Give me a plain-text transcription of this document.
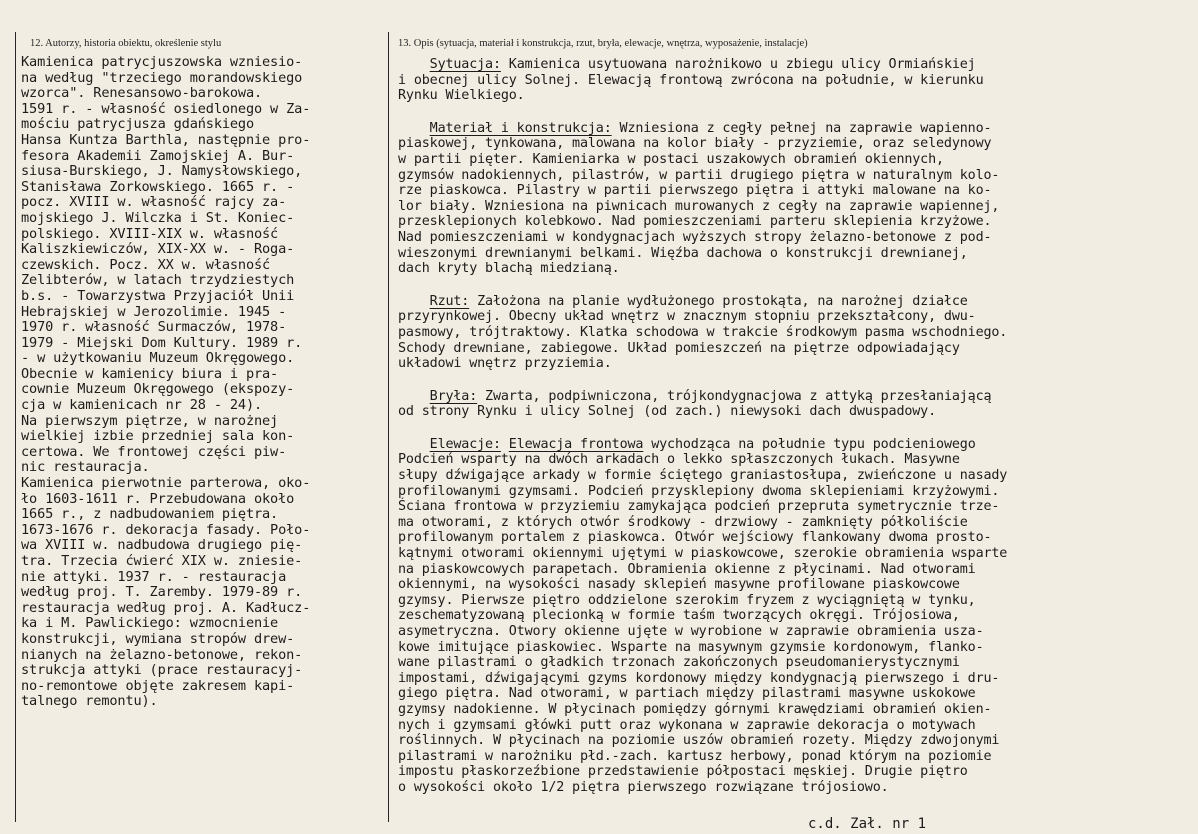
12. Autorzy, historia obiektu, określenie stylu	13. Opis (sytuacja, materiał i konstrukcja, rzut, bryła, elewacje, wnętrza, wyposażenie, instalacje)
Kamienica patrycjuszowska wzniesio-
na według "trzeciego morandowskiego
wzorca". Renesansowo-barokowa.
1591 r. - własność osiedlonego w Za-
mościu patrycjusza gdańskiego
Hansa Kuntza Barthla, następnie pro-
fesora Akademii Zamojskiej A. Bur-
siusa-Burskiego, J. Namysłowskiego,
Stanisława Zorkowskiego. 1665 r. -
pocz. XVIII w. własność rajcy za-
mojskiego J. Wilczka i St. Koniec-
polskiego. XVIII-XIX w. własność
Kaliszkiewiczów, XIX-XX w. - Roga-
czewskich. Pocz. XX w. własność
Zelibterów, w latach trzydziestych
b.s. - Towarzystwa Przyjaciół Unii
Hebrajskiej w Jerozolimie. 1945 -
1970 r. własność Surmaczów, 1978-
1979 - Miejski Dom Kultury. 1989 r.
- w użytkowaniu Muzeum Okręgowego.
Obecnie w kamienicy biura i pra-
cownie Muzeum Okręgowego (ekspozy-
cja w kamienicach nr 28 - 24).
Na pierwszym piętrze, w narożnej
wielkiej izbie przedniej sala kon-
certowa. We frontowej części piw-
nic restauracja.
Kamienica pierwotnie parterowa, oko-
ło 1603-1611 r. Przebudowana około
1665 r., z nadbudowaniem piętra.
1673-1676 r. dekoracja fasady. Poło-
wa XVIII w. nadbudowa drugiego pię-
tra. Trzecia ćwierć XIX w. zniesie-
nie attyki. 1937 r. - restauracja
według proj. T. Zaremby. 1979-89 r.
restauracja według proj. A. Kadłucz-
ka i M. Pawlickiego: wzmocnienie
konstrukcji, wymiana stropów drew-
nianych na żelazno-betonowe, rekon-
strukcja attyki (prace restauracyj-
no-remontowe objęte zakresem kapi-
talnego remontu).
Sytuacja: Kamienica usytuowana narożnikowo u zbiegu ulicy Ormiańskiej
i obecnej ulicy Solnej. Elewacją frontową zwrócona na południe, w kierunku
Rynku Wielkiego.
Materiał i konstrukcja: Wzniesiona z cegły pełnej na zaprawie wapienno-
piaskowej, tynkowana, malowana na kolor biały - przyziemie, oraz seledynowy
w partii pięter. Kamieniarka w postaci uszakowych obramień okiennych,
gzymsów nadokiennych, pilastrów, w partii drugiego piętra w naturalnym kolo-
rze piaskowca. Pilastry w partii pierwszego piętra i attyki malowane na ko-
lor biały. Wzniesiona na piwnicach murowanych z cegły na zaprawie wapiennej,
przesklepionych kolebkowo. Nad pomieszczeniami parteru sklepienia krzyżowe.
Nad pomieszczeniami w kondygnacjach wyższych stropy żelazno-betonowe z pod-
wieszonymi drewnianymi belkami. Więźba dachowa o konstrukcji drewnianej,
dach kryty blachą miedzianą.
Rzut: Założona na planie wydłużonego prostokąta, na narożnej działce
przyrynkowej. Obecny układ wnętrz w znacznym stopniu przekształcony, dwu-
pasmowy, trójtraktowy. Klatka schodowa w trakcie środkowym pasma wschodniego.
Schody drewniane, zabiegowe. Układ pomieszczeń na piętrze odpowiadający
układowi wnętrz przyziemia.
Bryła: Zwarta, podpiwniczona, trójkondygnacjowa z attyką przesłaniającą
od strony Rynku i ulicy Solnej (od zach.) niewysoki dach dwuspadowy.
Elewacje: Elewacja frontowa wychodząca na południe typu podcieniowego
Podcień wsparty na dwóch arkadach o lekko spłaszczonych łukach. Masywne
słupy dźwigające arkady w formie ściętego graniastosłupa, zwieńczone u nasady
profilowanymi gzymsami. Podcień przysklepiony dwoma sklepieniami krzyżowymi.
Ściana frontowa w przyziemiu zamykająca podcień przepruta symetrycznie trze-
ma otworami, z których otwór środkowy - drzwiowy - zamknięty półkoliście
profilowanym portalem z piaskowca. Otwór wejściowy flankowany dwoma prosto-
kątnymi otworami okiennymi ujętymi w piaskowcowe, szerokie obramienia wsparte
na piaskowcowych parapetach. Obramienia okienne z płycinami. Nad otworami
okiennymi, na wysokości nasady sklepień masywne profilowane piaskowcowe
gzymsy. Pierwsze piętro oddzielone szerokim fryzem z wyciągniętą w tynku,
zeschematyzowaną plecionką w formie taśm tworzących okręgi. Trójosiowa,
asymetryczna. Otwory okienne ujęte w wyrobione w zaprawie obramienia uszа-
kowe imitujące piaskowiec. Wsparte na masywnym gzymsie kordonowym, flanko-
wane pilastrami o gładkich trzonach zakończonych pseudomanierystycznymi
impostami, dźwigającymi gzyms kordonowy między kondygnacją pierwszego i dru-
giego piętra. Nad otworami, w partiach między pilastrami masywne uskokowe
gzymsy nadokienne. W płycinach pomiędzy górnymi krawędziami obramień okien-
nych i gzymsami główki putt oraz wykonana w zaprawie dekoracja o motywach
roślinnych. W płycinach na poziomie uszów obramień rozety. Między zdwojonymi
pilastrami w narożniku płd.-zach. kartusz herbowy, ponad którym na poziomie
impostu płaskorzeźbione przedstawienie półpostaci męskiej. Drugie piętro
o wysokości około 1/2 piętra pierwszego rozwiązane trójosiowo.
c.d. Zał. nr 1
